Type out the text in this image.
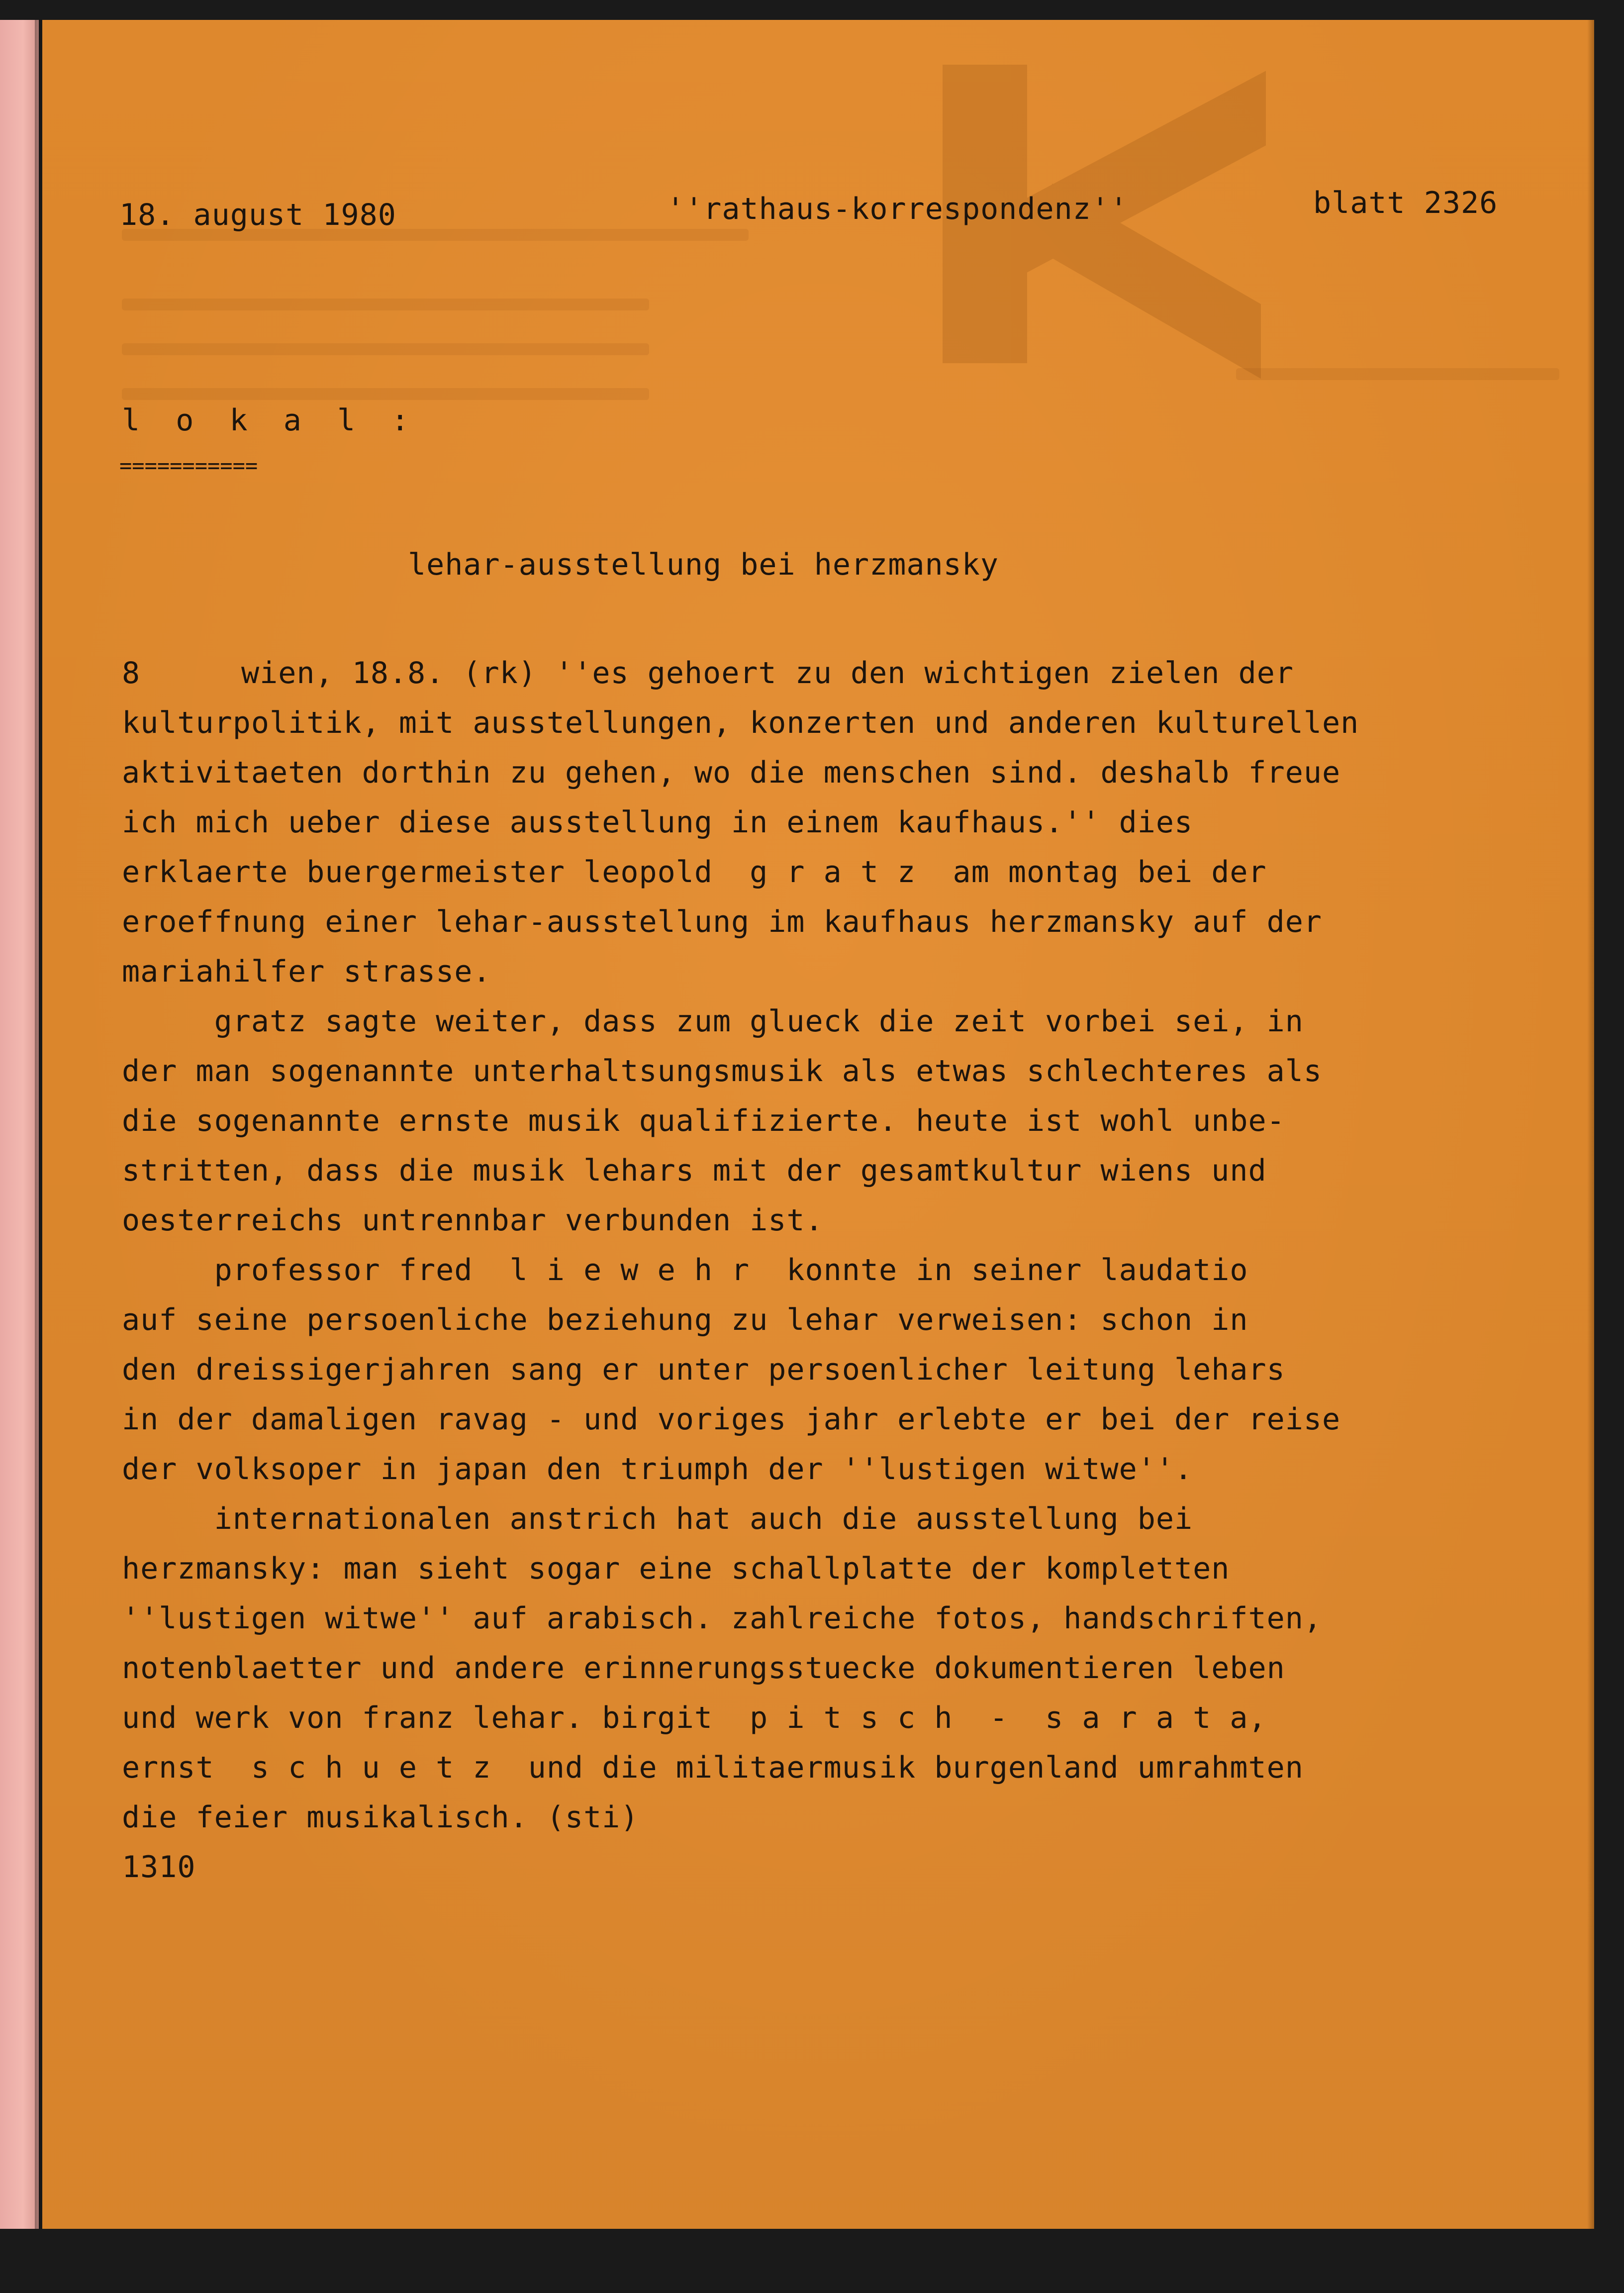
18. august 1980	''rathaus-korrespondenz''	blatt 2326
l o k a l :
===========
lehar-ausstellung bei herzmansky
8	wien, 18.8. (rk) ''es gehoert zu den wichtigen zielen der
kulturpolitik, mit ausstellungen, konzerten und anderen kulturellen
aktivitaeten dorthin zu gehen, wo die menschen sind. deshalb freue
ich mich ueber diese ausstellung in einem kaufhaus.'' dies
erklaerte buergermeister leopold  g r a t z  am montag bei der
eroeffnung einer lehar-ausstellung im kaufhaus herzmansky auf der
mariahilfer strasse.
gratz sagte weiter, dass zum glueck die zeit vorbei sei, in
der man sogenannte unterhaltsungsmusik als etwas schlechteres als
die sogenannte ernste musik qualifizierte. heute ist wohl unbe-
stritten, dass die musik lehars mit der gesamtkultur wiens und
oesterreichs untrennbar verbunden ist.
professor fred  l i e w e h r  konnte in seiner laudatio
auf seine persoenliche beziehung zu lehar verweisen: schon in
den dreissigerjahren sang er unter persoenlicher leitung lehars
in der damaligen ravag - und voriges jahr erlebte er bei der reise
der volksoper in japan den triumph der ''lustigen witwe''.
internationalen anstrich hat auch die ausstellung bei
herzmansky: man sieht sogar eine schallplatte der kompletten
''lustigen witwe'' auf arabisch. zahlreiche fotos, handschriften,
notenblaetter und andere erinnerungsstuecke dokumentieren leben
und werk von franz lehar. birgit  p i t s c h  -  s a r a t a,
ernst  s c h u e t z  und die militaermusik burgenland umrahmten
die feier musikalisch. (sti)
1310
